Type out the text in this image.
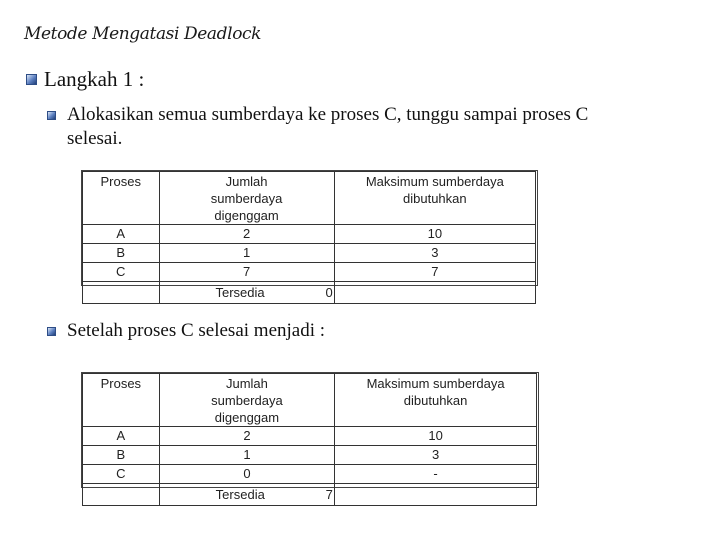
Metode Mengatasi Deadlock
Langkah 1 :
Alokasikan semua sumberdaya ke proses C, tunggu sampai proses C
selesai.
Proses	Jumlah sumberdaya digenggam	Maksimum sumberdaya dibutuhkan
A	2	10
B	1	3
C	7	7

	Tersedia 0	

Setelah proses C selesai menjadi :
Proses	Jumlah sumberdaya digenggam	Maksimum sumberdaya dibutuhkan
A	2	10
B	1	3
C	0	-

	Tersedia 7	
